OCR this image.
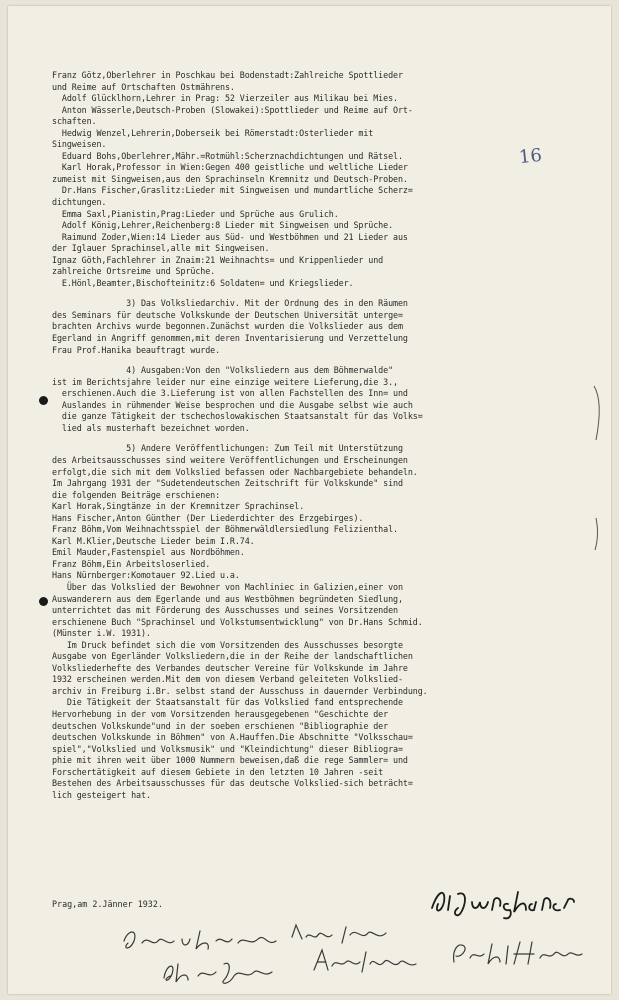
16
Franz Götz,Oberlehrer in Poschkau bei Bodenstadt:Zahlreiche Spottlieder
und Reime auf Ortschaften Ostmährens.
Adolf Glücklhorn,Lehrer in Prag: 52 Vierzeiler aus Milikau bei Mies.
Anton Wässerle,Deutsch-Proben (Slowakei):Spottlieder und Reime auf Ort-
schaften.
Hedwig Wenzel,Lehrerin,Doberseik bei Römerstadt:Osterlieder mit
Singweisen.
Eduard Bohs,Oberlehrer,Mähr.=Rotmühl:Scherznachdichtungen und Rätsel.
Karl Horak,Professor in Wien:Gegen 400 geistliche und weltliche Lieder
zumeist mit Singweisen,aus den Sprachinseln Kremnitz und Deutsch-Proben.
Dr.Hans Fischer,Graslitz:Lieder mit Singweisen und mundartliche Scherz=
dichtungen.
Emma Saxl,Pianistin,Prag:Lieder und Sprüche aus Grulich.
Adolf König,Lehrer,Reichenberg:8 Lieder mit Singweisen und Sprüche.
Raimund Zoder,Wien:14 Lieder aus Süd- und Westböhmen und 21 Lieder aus
der Iglauer Sprachinsel,alle mit Singweisen.
Ignaz Göth,Fachlehrer in Znaim:21 Weihnachts= und Krippenlieder und
zahlreiche Ortsreime und Sprüche.
E.Hönl,Beamter,Bischofteinitz:6 Soldaten= und Kriegslieder.
3) Das Volksliedarchiv. Mit der Ordnung des in den Räumen
des Seminars für deutsche Volkskunde der Deutschen Universität unterge=
brachten Archivs wurde begonnen.Zunächst wurden die Volkslieder aus dem
Egerland in Angriff genommen,mit deren Inventarisierung und Verzettelung
Frau Prof.Hanika beauftragt wurde.
4) Ausgaben:Von den "Volksliedern aus dem Böhmerwalde"
ist im Berichtsjahre leider nur eine einzige weitere Lieferung,die 3.,
erschienen.Auch die 3.Lieferung ist von allen Fachstellen des Inn= und
Auslandes in rühmender Weise besprochen und die Ausgabe selbst wie auch
die ganze Tätigkeit der tschechoslowakischen Staatsanstalt für das Volks=
lied als musterhaft bezeichnet worden.
5) Andere Veröffentlichungen: Zum Teil mit Unterstützung
des Arbeitsausschusses sind weitere Veröffentlichungen und Erscheinungen
erfolgt,die sich mit dem Volkslied befassen oder Nachbargebiete behandeln.
Im Jahrgang 1931 der "Sudetendeutschen Zeitschrift für Volkskunde" sind
die folgenden Beiträge erschienen:
Karl Horak,Singtänze in der Kremnitzer Sprachinsel.
Hans Fischer,Anton Günther (Der Liederdichter des Erzgebirges).
Franz Böhm,Vom Weihnachtsspiel der Böhmerwäldlersiedlung Felizienthal.
Karl M.Klier,Deutsche Lieder beim I.R.74.
Emil Mauder,Fastenspiel aus Nordböhmen.
Franz Böhm,Ein Arbeitsloserlied.
Hans Nürnberger:Komotauer 92.Lied u.a.
Über das Volkslied der Bewohner von Machliniec in Galizien,einer von
Auswanderern aus dem Egerlande und aus Westböhmen begründeten Siedlung,
unterrichtet das mit Förderung des Ausschusses und seines Vorsitzenden
erschienene Buch "Sprachinsel und Volkstumsentwicklung" von Dr.Hans Schmid.
(Münster i.W. 1931).
Im Druck befindet sich die vom Vorsitzenden des Ausschusses besorgte
Ausgabe von Egerländer Volksliedern,die in der Reihe der landschaftlichen
Volksliederhefte des Verbandes deutscher Vereine für Volkskunde im Jahre
1932 erscheinen werden.Mit dem von diesem Verband geleiteten Volkslied-
archiv in Freiburg i.Br. selbst stand der Ausschuss in dauernder Verbindung.
Die Tätigkeit der Staatsanstalt für das Volkslied fand entsprechende
Hervorhebung in der vom Vorsitzenden herausgegebenen "Geschichte der
deutschen Volkskunde"und in der soeben erschienen "Bibliographie der
deutschen Volkskunde in Böhmen" von A.Hauffen.Die Abschnitte "Volksschau=
spiel","Volkslied und Volksmusik" und "Kleindichtung" dieser Bibliogra=
phie mit ihren weit über 1000 Nummern beweisen,daß die rege Sammler= und
Forschertätigkeit auf diesem Gebiete in den letzten 10 Jahren -seit
Bestehen des Arbeitsausschusses für das deutsche Volkslied-sich beträcht=
lich gesteigert hat.
Prag,am 2.Jänner 1932.
